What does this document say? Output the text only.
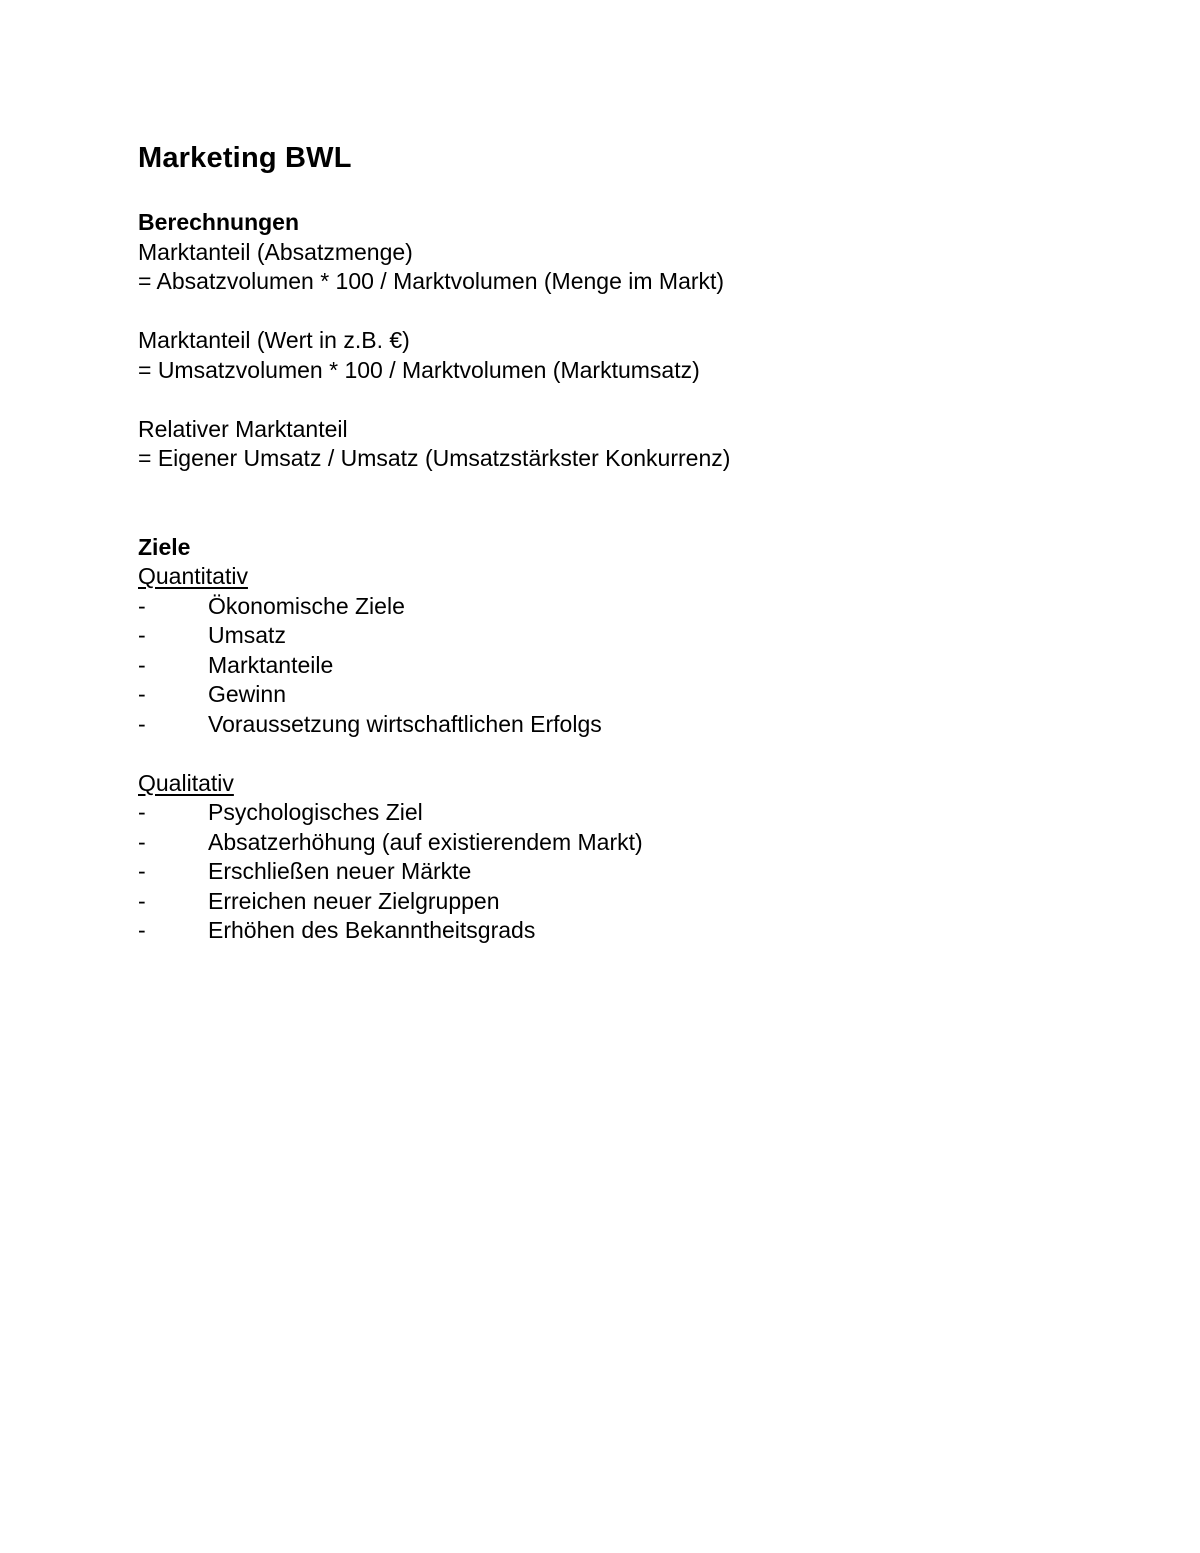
Marketing BWL
Berechnungen

Marktanteil (Absatzmenge)

= Absatzvolumen * 100 / Marktvolumen (Menge im Markt)

Marktanteil (Wert in z.B. €)

= Umsatzvolumen * 100 / Marktvolumen (Marktumsatz)

Relativer Marktanteil

= Eigener Umsatz / Umsatz (Umsatzstärkster Konkurrenz)

Ziele

Quantitativ

-	Ökonomische Ziele
-	Umsatz
-	Marktanteile
-	Gewinn
-	Voraussetzung wirtschaftlichen Erfolgs

Qualitativ

-	Psychologisches Ziel
-	Absatzerhöhung (auf existierendem Markt)
-	Erschließen neuer Märkte
-	Erreichen neuer Zielgruppen
-	Erhöhen des Bekanntheitsgrads
